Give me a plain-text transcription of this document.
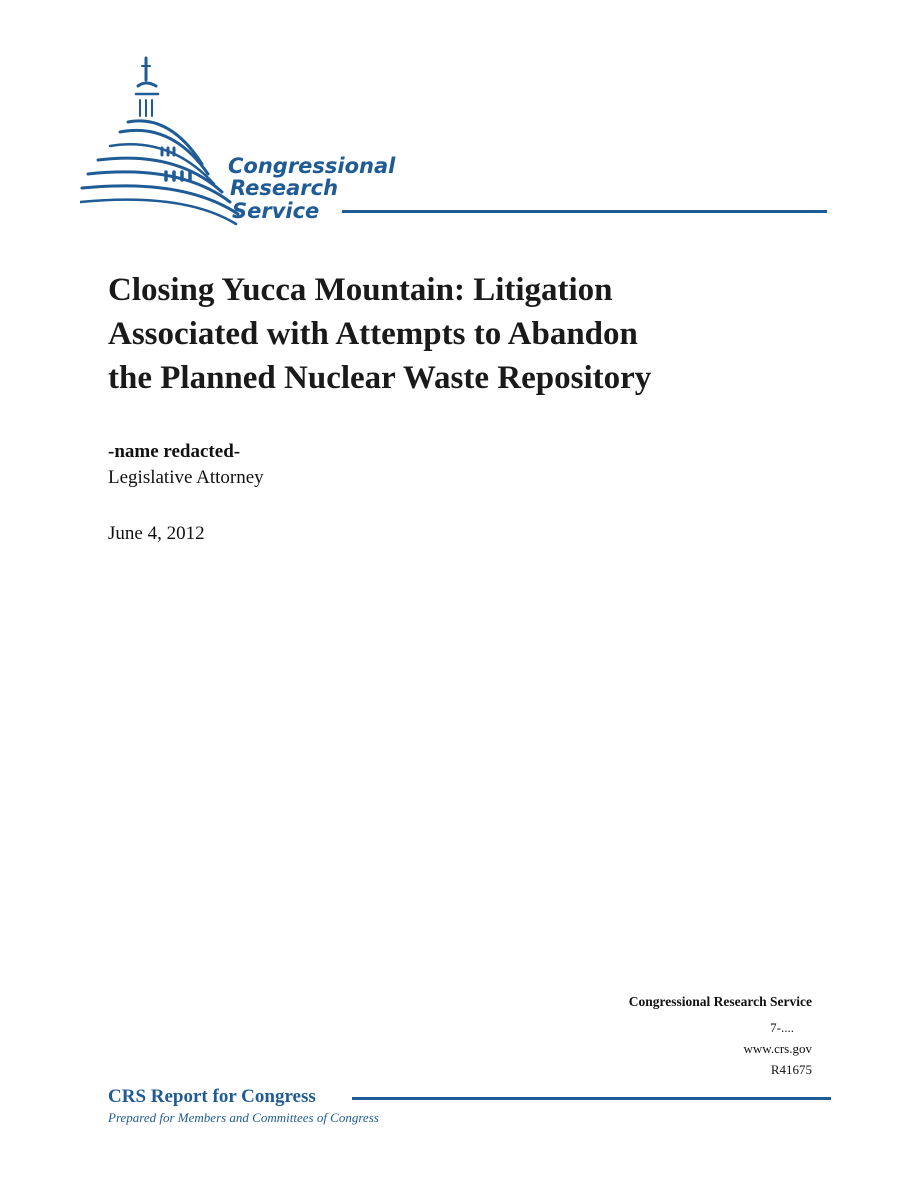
Congressional
Research
Service
Closing Yucca Mountain: Litigation
Associated with Attempts to Abandon
the Planned Nuclear Waste Repository
-name redacted-
Legislative Attorney
June 4, 2012
Congressional Research Service
7-....
www.crs.gov
R41675
CRS Report for Congress
Prepared for Members and Committees of Congress
